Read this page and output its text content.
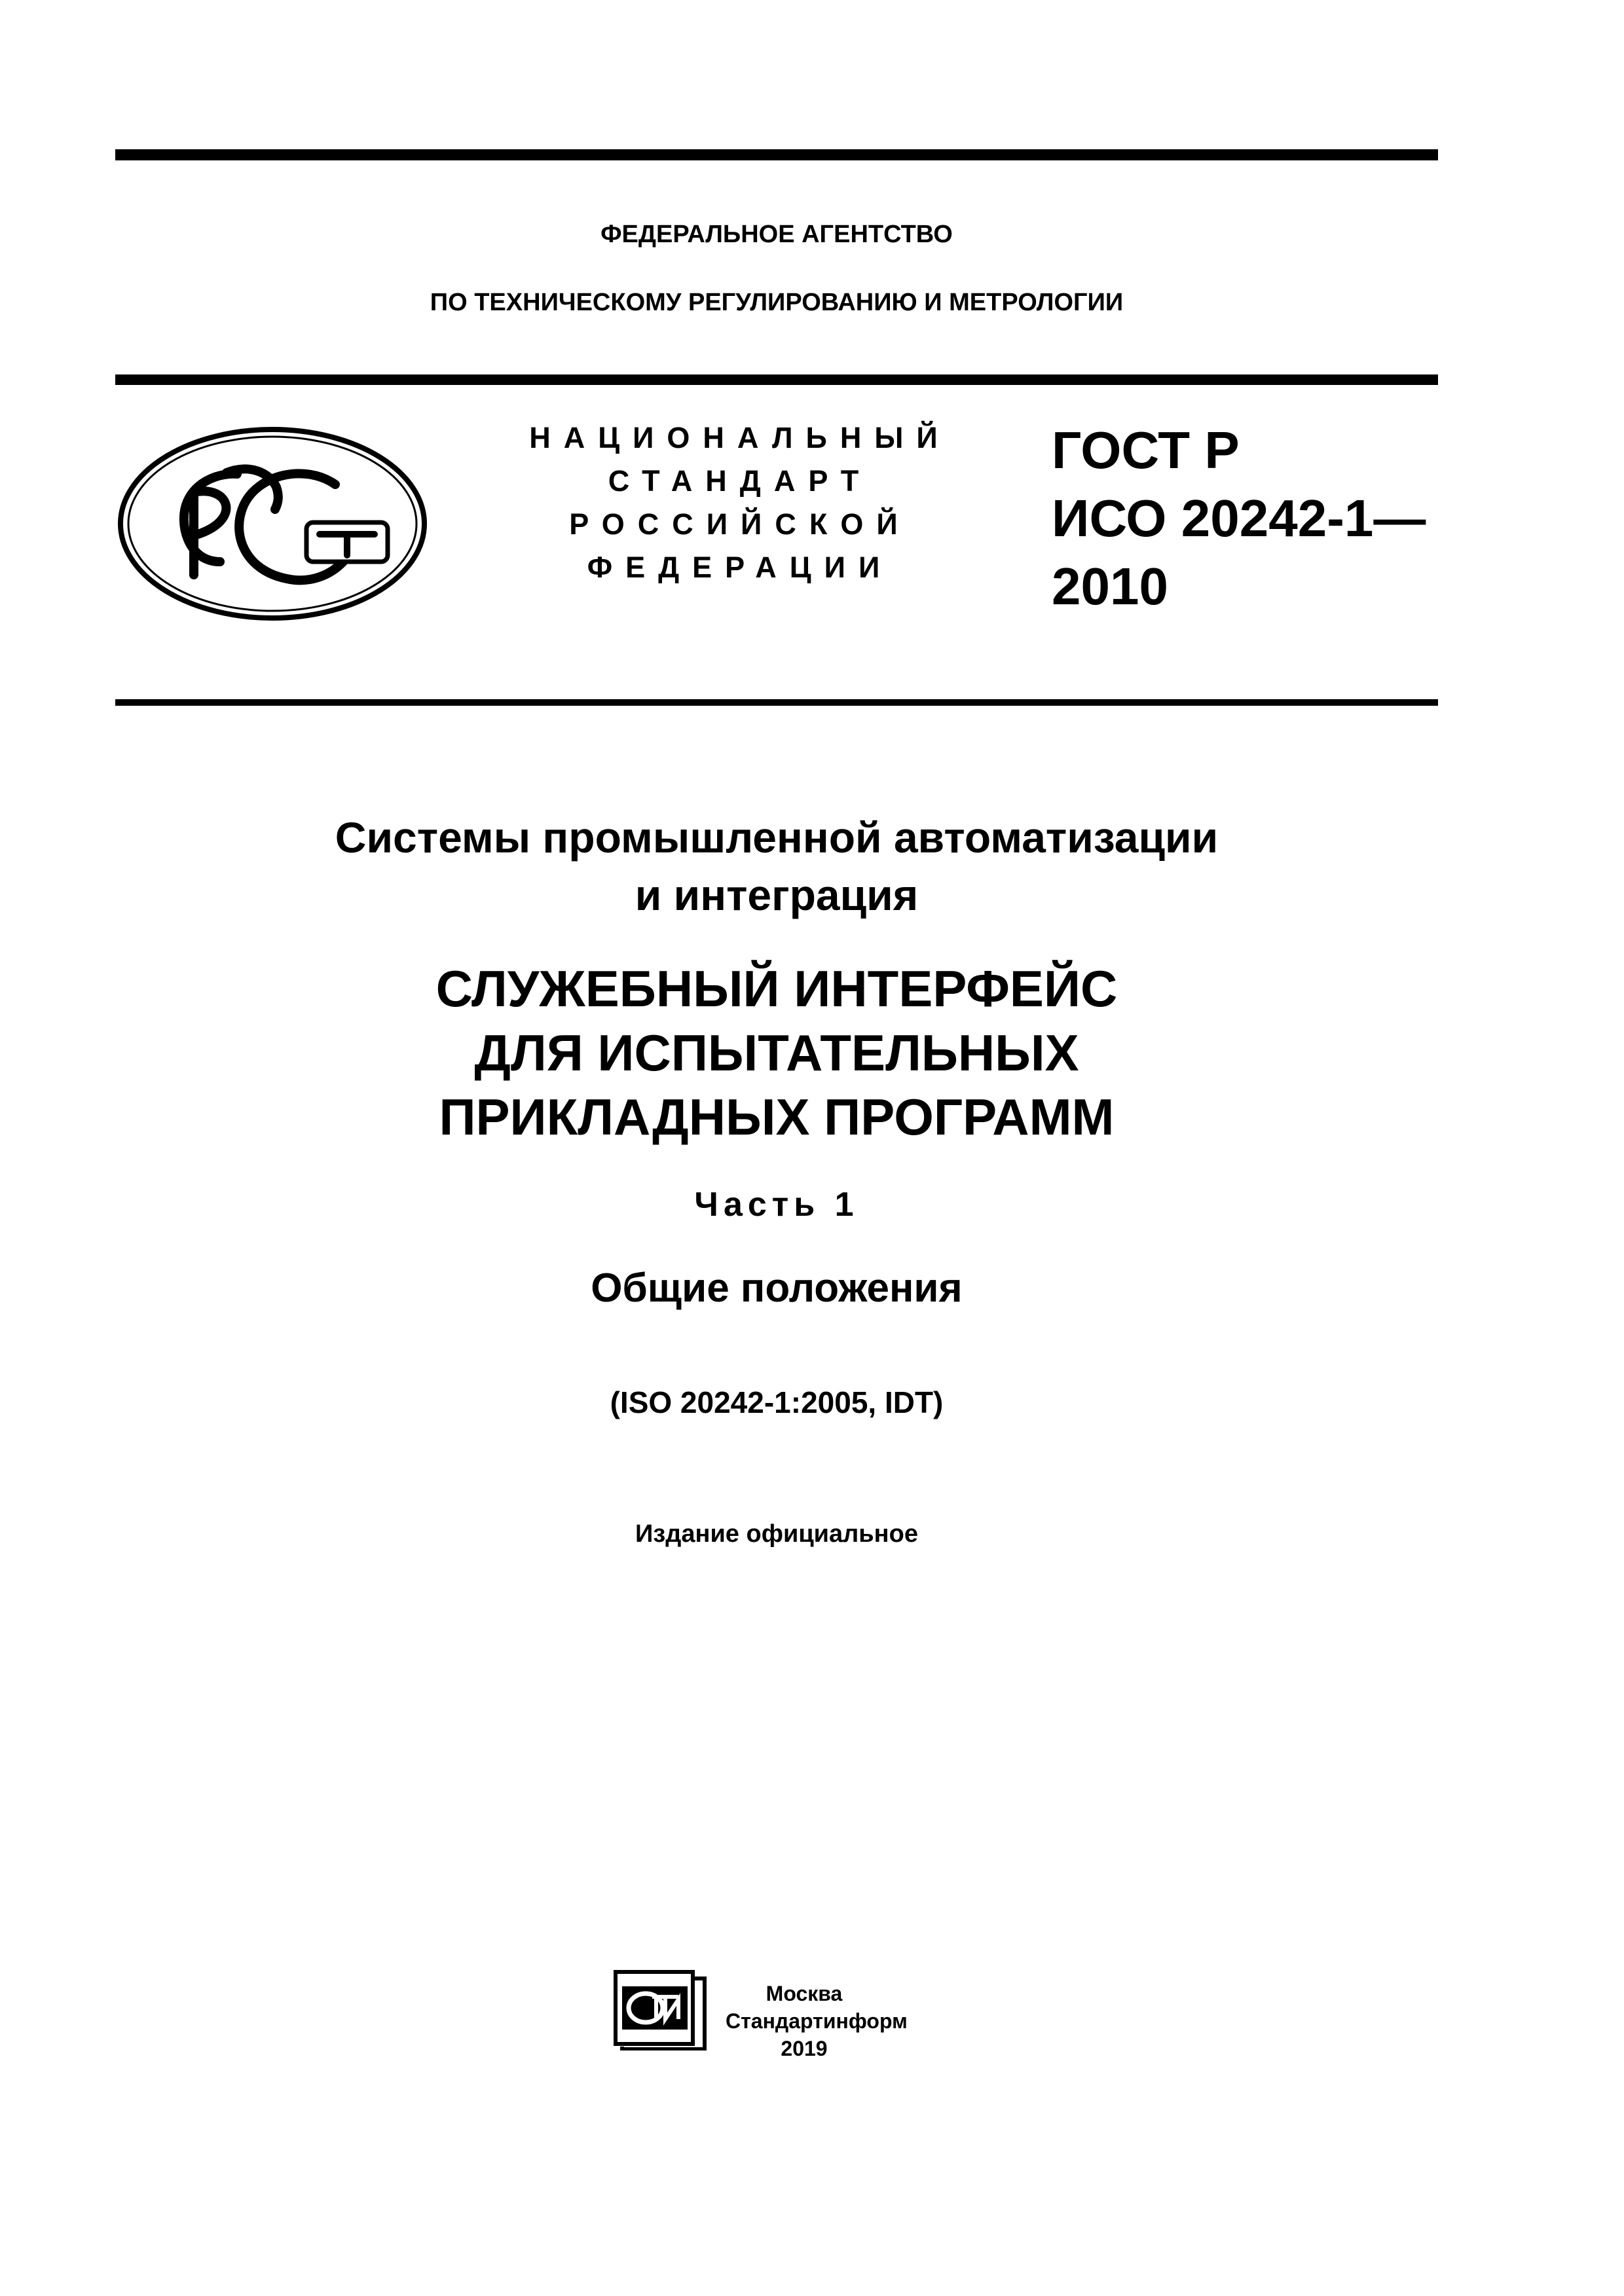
ФЕДЕРАЛЬНОЕ АГЕНТСТВО
ПО ТЕХНИЧЕСКОМУ РЕГУЛИРОВАНИЮ И МЕТРОЛОГИИ
РС
Т
НАЦИОНАЛЬНЫЙ
СТАНДАРТ
РОССИЙСКОЙ
ФЕДЕРАЦИИ
ГОСТ Р
ИСО 20242-1—
2010
Системы промышленной автоматизации
и интеграция
СЛУЖЕБНЫЙ ИНТЕРФЕЙС
ДЛЯ ИСПЫТАТЕЛЬНЫХ
ПРИКЛАДНЫХ ПРОГРАММ
Часть 1
Общие положения
(ISO 20242-1:2005, IDT)
Издание официальное
СТИ
Москва
Стандартинформ
2019
